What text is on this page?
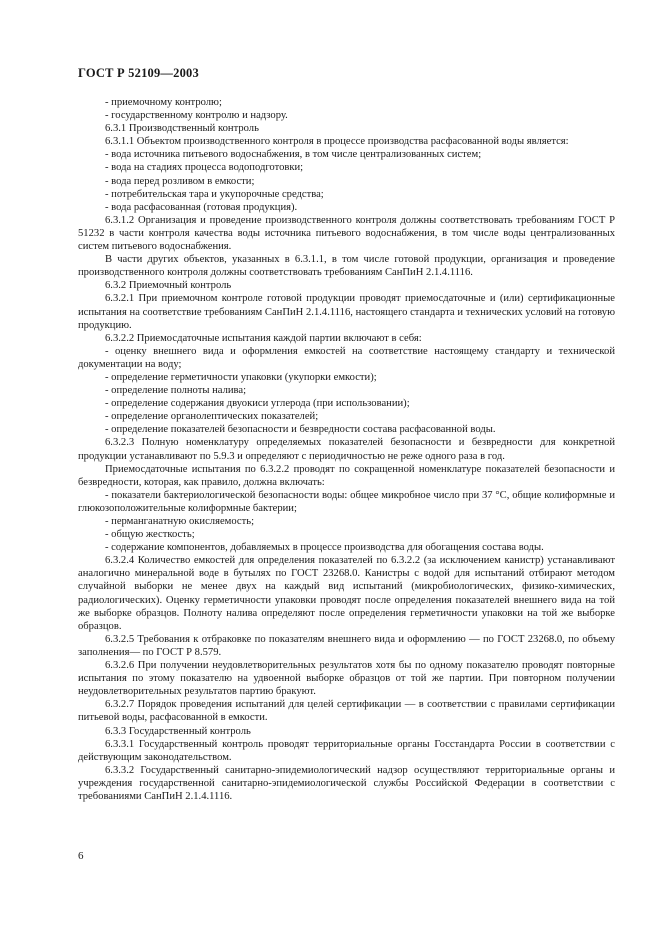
ГОСТ Р 52109—2003

- приемочному контролю;

- государственному контролю и надзору.

6.3.1 Производственный контроль

6.3.1.1 Объектом производственного контроля в процессе производства расфасованной воды является:

- вода источника питьевого водоснабжения, в том числе централизованных систем;

- вода на стадиях процесса водоподготовки;

- вода перед розливом в емкости;

- потребительская тара и укупорочные средства;

- вода расфасованная (готовая продукция).

6.3.1.2 Организация и проведение производственного контроля должны соответствовать требованиям ГОСТ Р 51232 в части контроля качества воды источника питьевого водоснабжения, в том числе воды централизованных систем питьевого водоснабжения.

В части других объектов, указанных в 6.3.1.1, в том числе готовой продукции, организация и проведение производственного контроля должны соответствовать требованиям СанПиН 2.1.4.1116.

6.3.2 Приемочный контроль

6.3.2.1 При приемочном контроле готовой продукции проводят приемосдаточные и (или) сертификационные испытания на соответствие требованиям СанПиН 2.1.4.1116, настоящего стандарта и технических условий на готовую продукцию.

6.3.2.2 Приемосдаточные испытания каждой партии включают в себя:

- оценку внешнего вида и оформления емкостей на соответствие настоящему стандарту и технической документации на воду;

- определение герметичности упаковки (укупорки емкости);

- определение полноты налива;

- определение содержания двуокиси углерода (при использовании);

- определение органолептических показателей;

- определение показателей безопасности и безвредности состава расфасованной воды.

6.3.2.3 Полную номенклатуру определяемых показателей безопасности и безвредности для конкретной продукции устанавливают по 5.9.3 и определяют с периодичностью не реже одного раза в год.

Приемосдаточные испытания по 6.3.2.2 проводят по сокращенной номенклатуре показателей безопасности и безвредности, которая, как правило, должна включать:

- показатели бактериологической безопасности воды: общее микробное число при 37 °С, общие колиформные и глюкозоположительные колиформные бактерии;

- перманганатную окисляемость;

- общую жесткость;

- содержание компонентов, добавляемых в процессе производства для обогащения состава воды.

6.3.2.4 Количество емкостей для определения показателей по 6.3.2.2 (за исключением канистр) устанавливают аналогично минеральной воде в бутылях по ГОСТ 23268.0. Канистры с водой для испытаний отбирают методом случайной выборки не менее двух на каждый вид испытаний (микробиологических, физико-химических, радиологических). Оценку герметичности упаковки проводят после определения показателей внешнего вида на той же выборке образцов. Полноту налива определяют после определения герметичности упаковки на той же выборке образцов.

6.3.2.5 Требования к отбраковке по показателям внешнего вида и оформлению — по ГОСТ 23268.0, по объему заполнения— по ГОСТ Р 8.579.

6.3.2.6 При получении неудовлетворительных результатов хотя бы по одному показателю проводят повторные испытания по этому показателю на удвоенной выборке образцов от той же партии. При повторном получении неудовлетворительных результатов партию бракуют.

6.3.2.7 Порядок проведения испытаний для целей сертификации — в соответствии с правилами сертификации питьевой воды, расфасованной в емкости.

6.3.3 Государственный контроль

6.3.3.1 Государственный контроль проводят территориальные органы Госстандарта России в соответствии с действующим законодательством.

6.3.3.2 Государственный санитарно-эпидемиологический надзор осуществляют территориальные органы и учреждения государственной санитарно-эпидемиологической службы Российской Федерации в соответствии с требованиями СанПиН 2.1.4.1116.

6
